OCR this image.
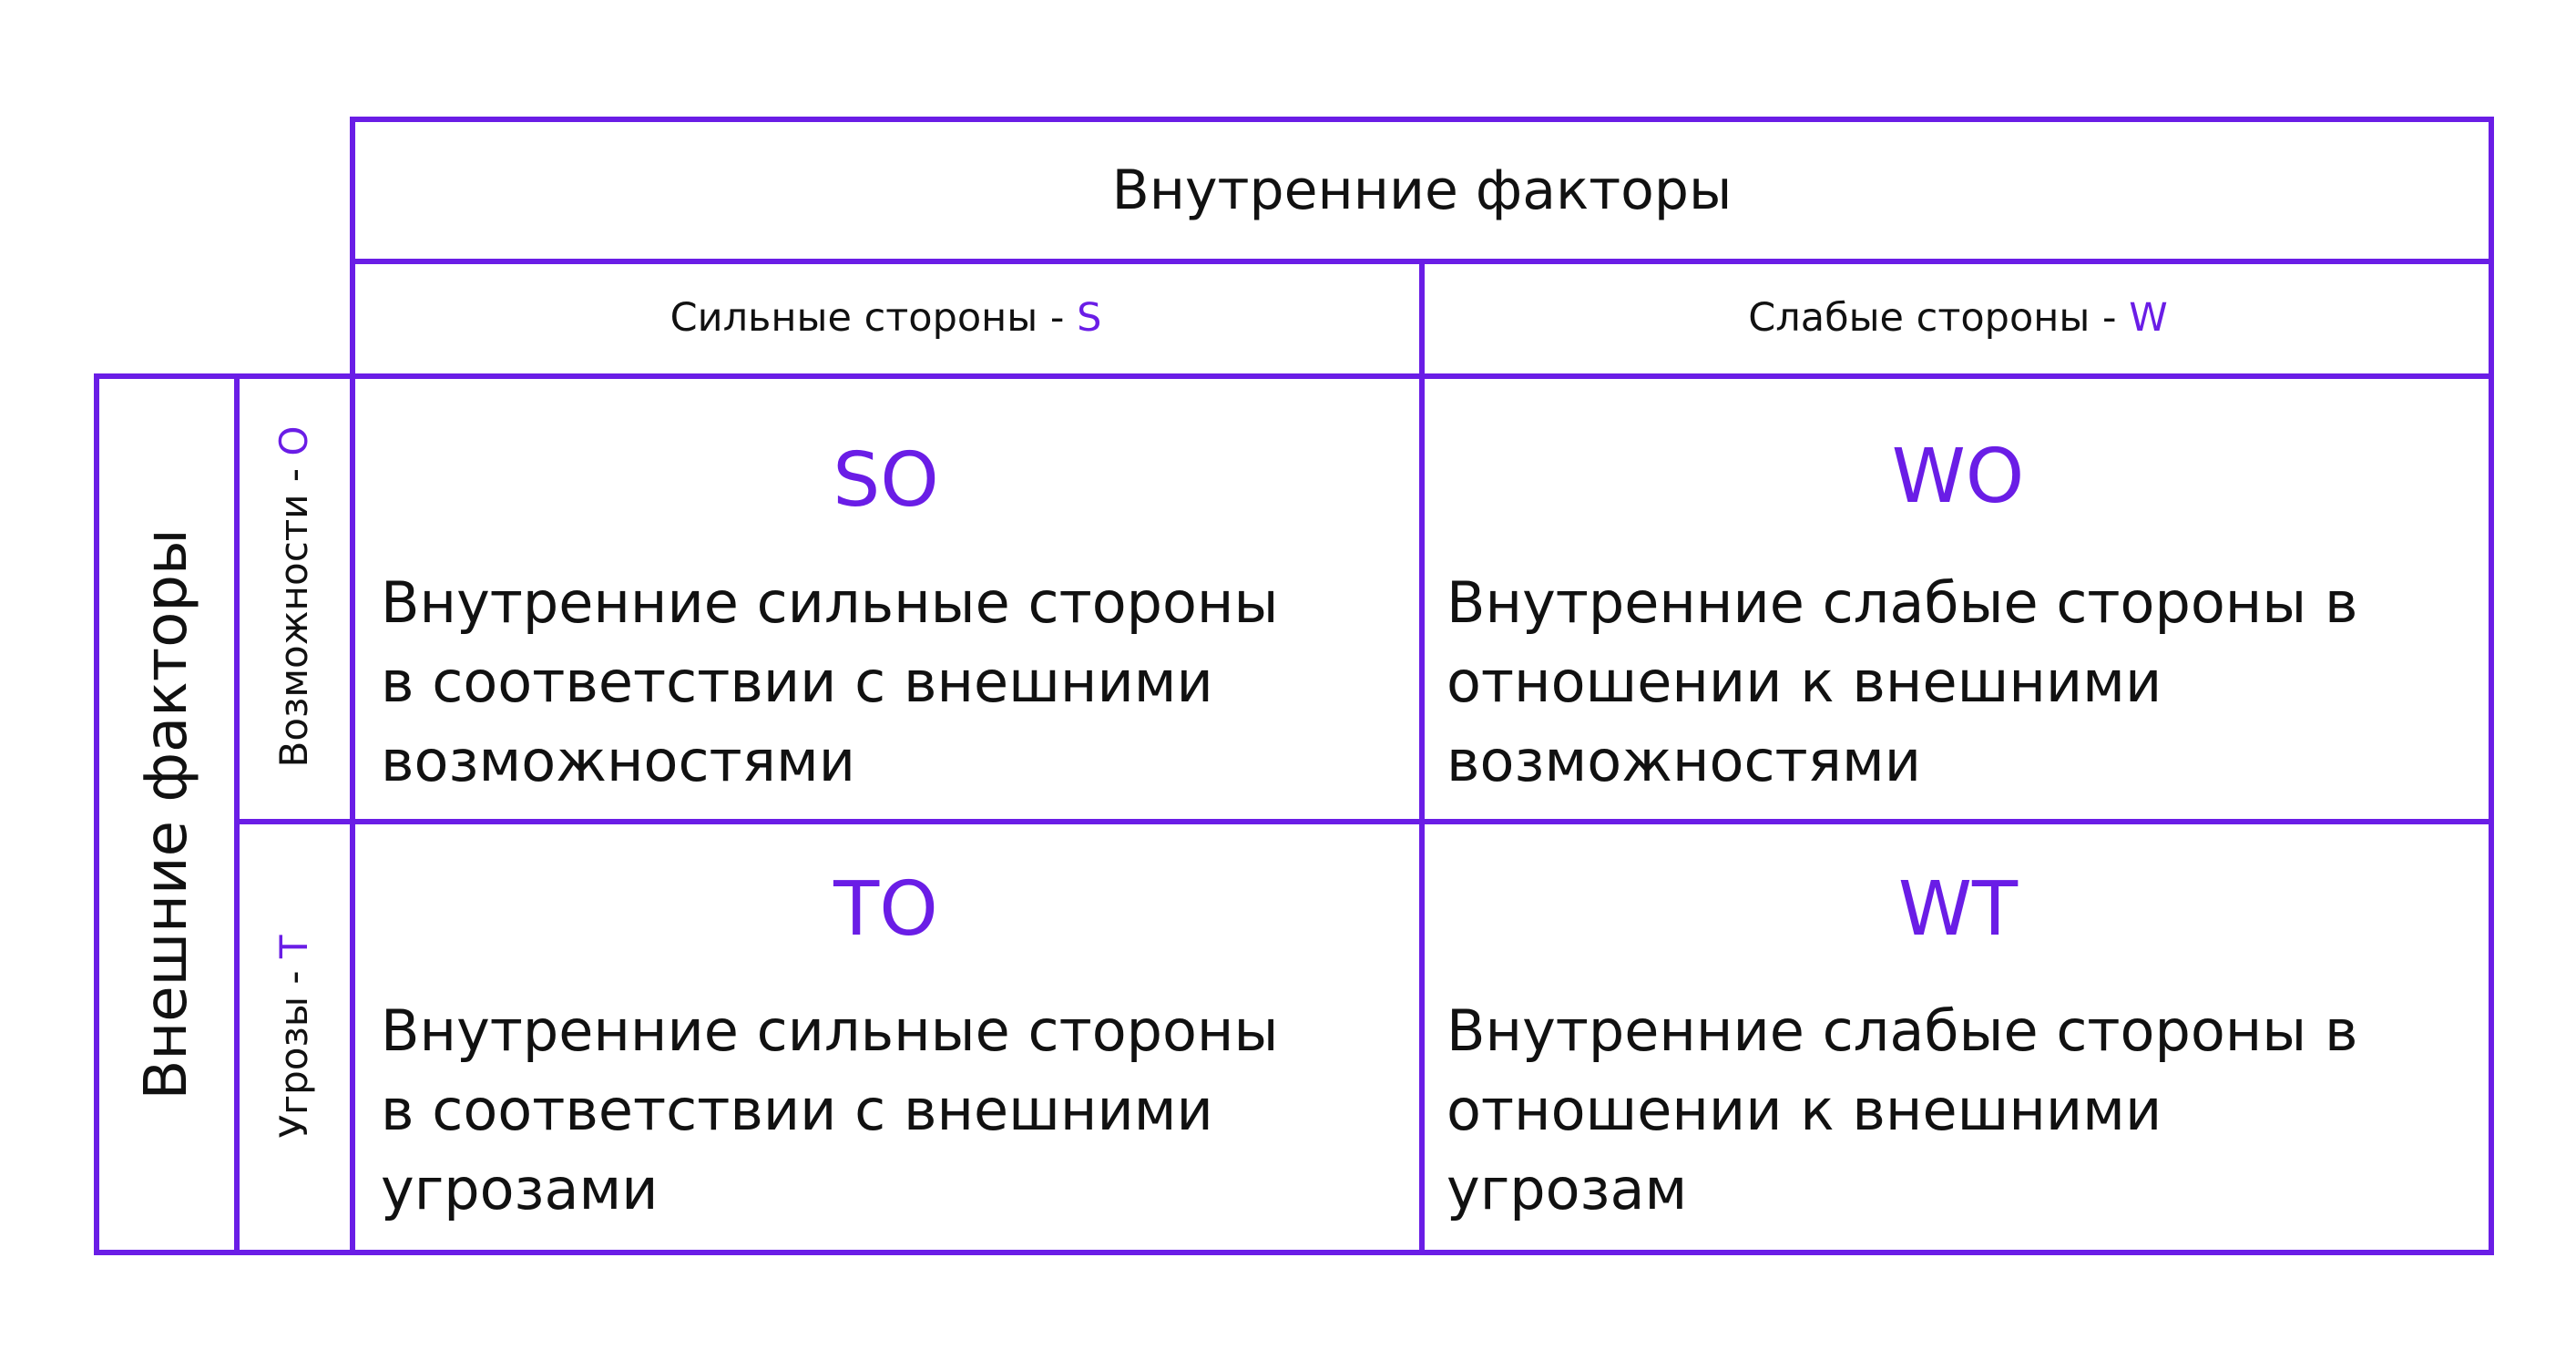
Внутренние факторы
Сильные стороны -
S	Слабые стороны -
W
Внешние факторы Возможности - O
Угрозы - T
SO
Внутренние сильные стороны
в соответствии с внешними
возможностями
WO
Внутренние слабые стороны в
отношении к внешними
возможностями
TO
Внутренние сильные стороны
в соответствии с внешними
угрозами
WT
Внутренние слабые стороны в
отношении к внешними
угрозам
